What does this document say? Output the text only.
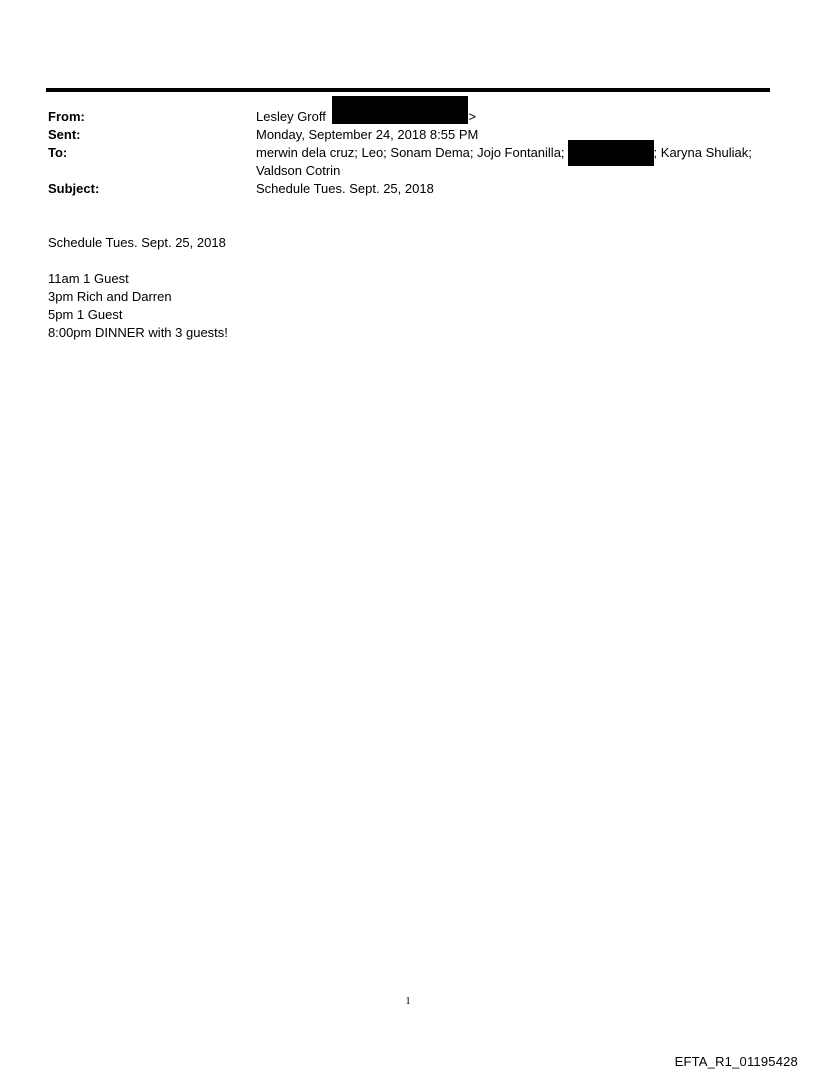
From:	Lesley Groff	>
Sent:	Monday, September 24, 2018 8:55 PM
To:	merwin dela cruz; Leo; Sonam Dema; Jojo Fontanilla;	; Karyna Shuliak;
Valdson Cotrin
Subject:	Schedule Tues. Sept. 25, 2018
Schedule Tues. Sept. 25, 2018
11am 1 Guest
3pm Rich and Darren
5pm 1 Guest
8:00pm DINNER with 3 guests!
1
EFTA_R1_01195428
